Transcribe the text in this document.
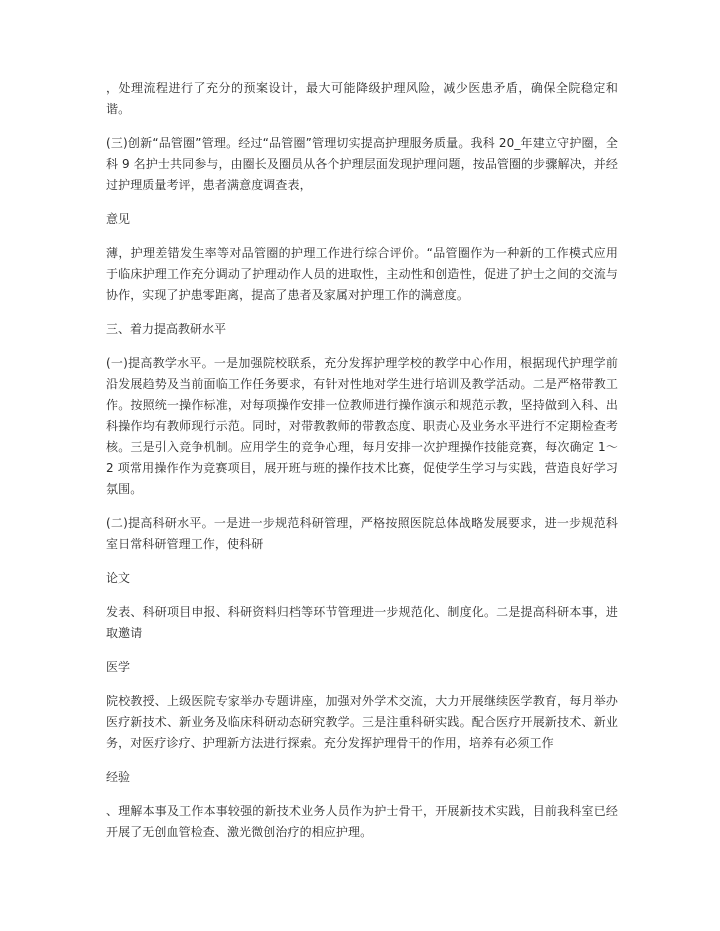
，处理流程进行了充分的预案设计，最大可能降级护理风险，减少医患矛盾，确保全院稳定和谐。

(三)创新“品管圈”管理。经过“品管圈”管理切实提高护理服务质量。我科 20_年建立守护圈，全科 9 名护士共同参与，由圈长及圈员从各个护理层面发现护理问题，按品管圈的步骤解决，并经过护理质量考评，患者满意度调查表，

意见

薄，护理差错发生率等对品管圈的护理工作进行综合评价。“品管圈作为一种新的工作模式应用于临床护理工作充分调动了护理动作人员的进取性，主动性和创造性，促进了护士之间的交流与协作，实现了护患零距离，提高了患者及家属对护理工作的满意度。

三、着力提高教研水平

(一)提高教学水平。一是加强院校联系，充分发挥护理学校的教学中心作用，根据现代护理学前沿发展趋势及当前面临工作任务要求，有针对性地对学生进行培训及教学活动。二是严格带教工作。按照统一操作标准，对每项操作安排一位教师进行操作演示和规范示教，坚持做到入科、出科操作均有教师现行示范。同时，对带教教师的带教态度、职责心及业务水平进行不定期检查考核。三是引入竞争机制。应用学生的竞争心理，每月安排一次护理操作技能竞赛，每次确定 1～2 项常用操作作为竞赛项目，展开班与班的操作技术比赛，促使学生学习与实践，营造良好学习氛围。

(二)提高科研水平。一是进一步规范科研管理，严格按照医院总体战略发展要求，进一步规范科室日常科研管理工作，使科研

论文

发表、科研项目申报、科研资料归档等环节管理进一步规范化、制度化。二是提高科研本事，进取邀请

医学

院校教授、上级医院专家举办专题讲座，加强对外学术交流，大力开展继续医学教育，每月举办医疗新技术、新业务及临床科研动态研究教学。三是注重科研实践。配合医疗开展新技术、新业务，对医疗诊疗、护理新方法进行探索。充分发挥护理骨干的作用，培养有必须工作

经验

、理解本事及工作本事较强的新技术业务人员作为护士骨干，开展新技术实践，目前我科室已经开展了无创血管检查、激光微创治疗的相应护理。
